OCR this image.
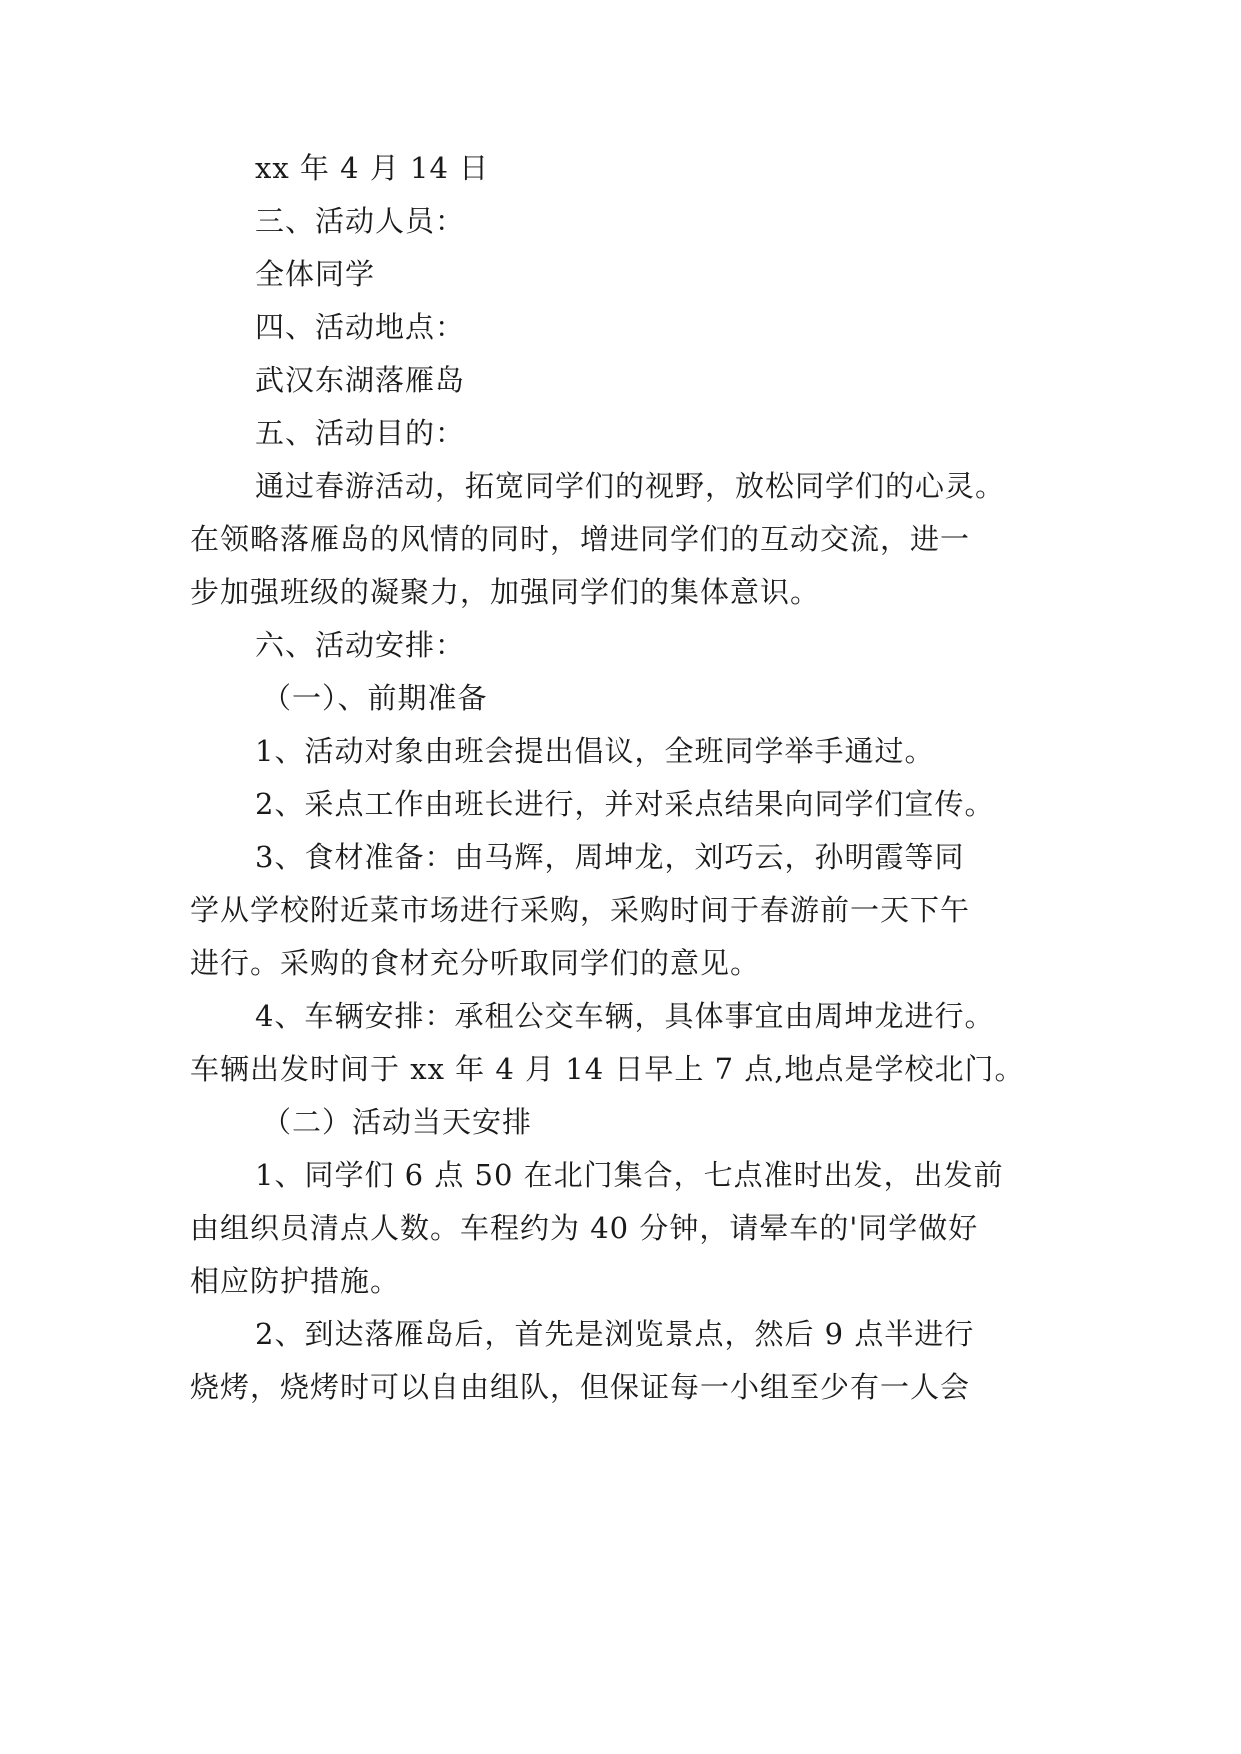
xx 年 4 月 14 日
三、活动人员：
全体同学
四、活动地点：
武汉东湖落雁岛
五、活动目的：
通过春游活动，拓宽同学们的视野，放松同学们的心灵。
在领略落雁岛的风情的同时，增进同学们的互动交流，进一
步加强班级的凝聚力，加强同学们的集体意识。
六、活动安排：
（一）、前期准备
1、活动对象由班会提出倡议，全班同学举手通过。
2、采点工作由班长进行，并对采点结果向同学们宣传。
3、食材准备：由马辉，周坤龙，刘巧云，孙明霞等同
学从学校附近菜市场进行采购，采购时间于春游前一天下午
进行。采购的食材充分听取同学们的意见。
4、车辆安排：承租公交车辆，具体事宜由周坤龙进行。
车辆出发时间于 xx 年 4 月 14 日早上 7 点,地点是学校北门。
（二）活动当天安排
1、同学们 6 点 50 在北门集合，七点准时出发，出发前
由组织员清点人数。车程约为 40 分钟，请晕车的'同学做好
相应防护措施。
2、到达落雁岛后，首先是浏览景点，然后 9 点半进行
烧烤，烧烤时可以自由组队，但保证每一小组至少有一人会
